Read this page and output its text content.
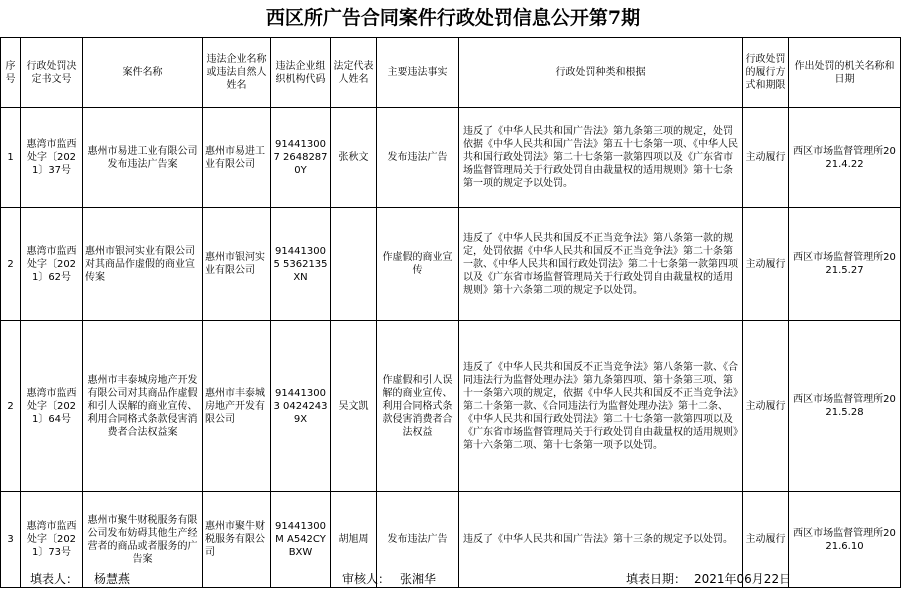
西区所广告合同案件行政处罚信息公开第7期
序号	行政处罚决定书文号	案件名称	违法企业名称或违法自然人姓名	违法企业组织机构代码	法定代表人姓名	主要违法事实	行政处罚种类和根据	行政处罚的履行方式和期限	作出处罚的机关名称和日期
1	惠湾市监西处字〔2021〕37号	惠州市易进工业有限公司发布违法广告案	惠州市易进工业有限公司	914413007 26482870Y	张秋文	发布违法广告	违反了《中华人民共和国广告法》第九条第三项的规定，处罚依据《中华人民共和国广告法》第五十七条第一项、《中华人民共和国行政处罚法》第二十七条第一款第四项以及《广东省市场监督管理局关于行政处罚自由裁量权的适用规则》第十七条第一项的规定予以处罚。	主动履行	西区市场监督管理所2021.4.22
2	惠湾市监西处字〔2021〕62号	惠州市银河实业有限公司对其商品作虚假的商业宣传案	惠州市银河实业有限公司	914413005 5362135XN		作虚假的商业宣传	违反了《中华人民共和国反不正当竞争法》第八条第一款的规定，处罚依据《中华人民共和国反不正当竞争法》第二十条第一款、《中华人民共和国行政处罚法》第二十七条第一款第四项以及《广东省市场监督管理局关于行政处罚自由裁量权的适用规则》第十六条第二项的规定予以处罚。	主动履行	西区市场监督管理所2021.5.27
2	惠湾市监西处字〔2021〕64号	惠州市丰泰城房地产开发有限公司对其商品作虚假和引人误解的商业宣传、利用合同格式条款侵害消费者合法权益案	惠州市丰泰城房地产开发有限公司	914413003 04242439X	吴文凯	作虚假和引人误解的商业宣传、利用合同格式条款侵害消费者合法权益	违反了《中华人民共和国反不正当竞争法》第八条第一款、《合同违法行为监督处理办法》第九条第四项、第十条第三项、第十一条第六项的规定，依据《中华人民共和国反不正当竞争法》第二十条第一款、《合同违法行为监督处理办法》第十二条、《中华人民共和国行政处罚法》第二十七条第一款第四项以及《广东省市场监督管理局关于行政处罚自由裁量权的适用规则》第十六条第二项、第十七条第一项予以处罚。	主动履行	西区市场监督管理所2021.5.28
3	惠湾市监西处字〔2021〕73号	惠州市聚牛财税服务有限公司发布妨碍其他生产经营者的商品或者服务的广告案	惠州市聚牛财税服务有限公司	91441300M A542CYBXW	胡旭周	发布违法广告	违反了《中华人民共和国广告法》第十三条的规定予以处罚。	主动履行	西区市场监督管理所2021.6.10
填表人： 杨慧燕	审核人： 张湘华	填表日期： 2021年06月22日
